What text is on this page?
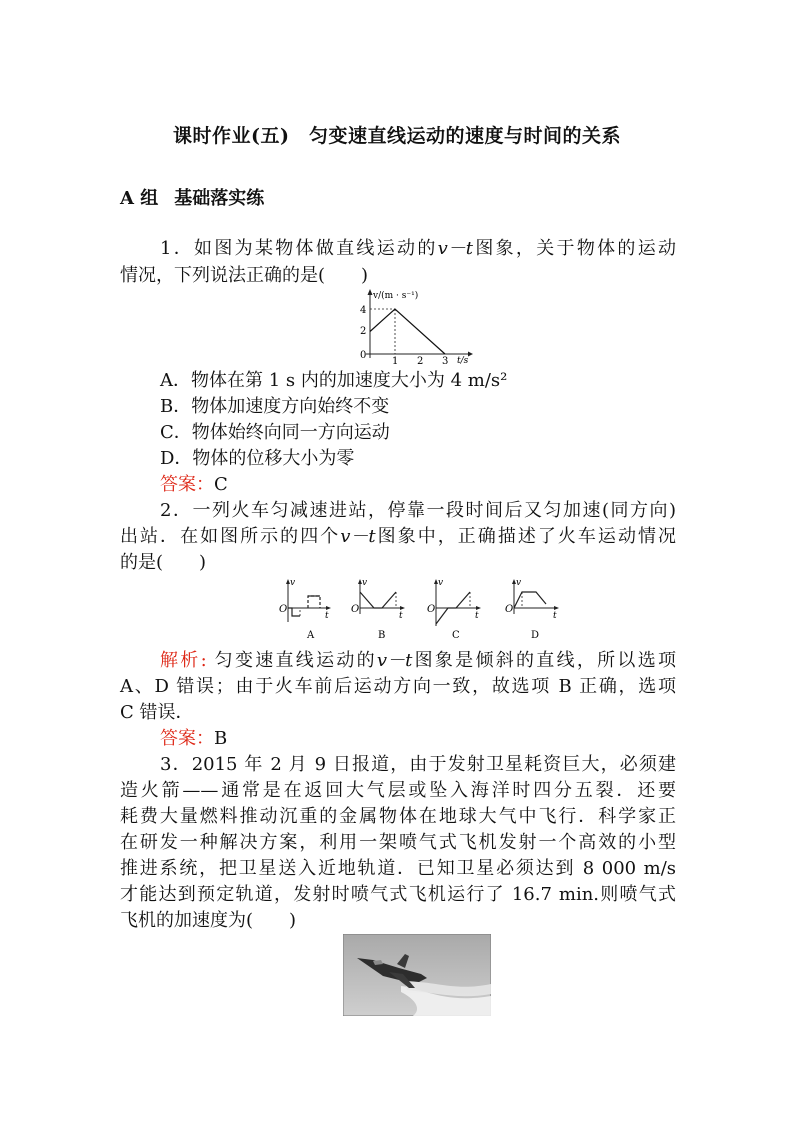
课时作业(五)　匀变速直线运动的速度与时间的关系
A 组 基础落实练
1．如图为某物体做直线运动的v－t图象，关于物体的运动
情况，下列说法正确的是(　　)
v/(m · s⁻¹)
4
2
0
1 2 3 t/s
A．物体在第 1 s 内的加速度大小为 4 m/s²
B．物体加速度方向始终不变
C．物体始终向同一方向运动
D．物体的位移大小为零
答案：C
2．一列火车匀减速进站，停靠一段时间后又匀加速(同方向)
出站．在如图所示的四个v－t图象中，正确描述了火车运动情况
的是(　　)
O
v
t
A
O
v
t
B
O
v
t
C
O
v
t
D
解析: 匀变速直线运动的v－t图象是倾斜的直线，所以选项
A、D 错误；由于火车前后运动方向一致，故选项 B 正确，选项
C 错误．
答案：B
3．2015 年 2 月 9 日报道，由于发射卫星耗资巨大，必须建
造火箭——通常是在返回大气层或坠入海洋时四分五裂．还要
耗费大量燃料推动沉重的金属物体在地球大气中飞行．科学家正
在研发一种解决方案，利用一架喷气式飞机发射一个高效的小型
推进系统，把卫星送入近地轨道．已知卫星必须达到 8 000 m/s
才能达到预定轨道，发射时喷气式飞机运行了 16.7 min.则喷气式
飞机的加速度为(　　)
